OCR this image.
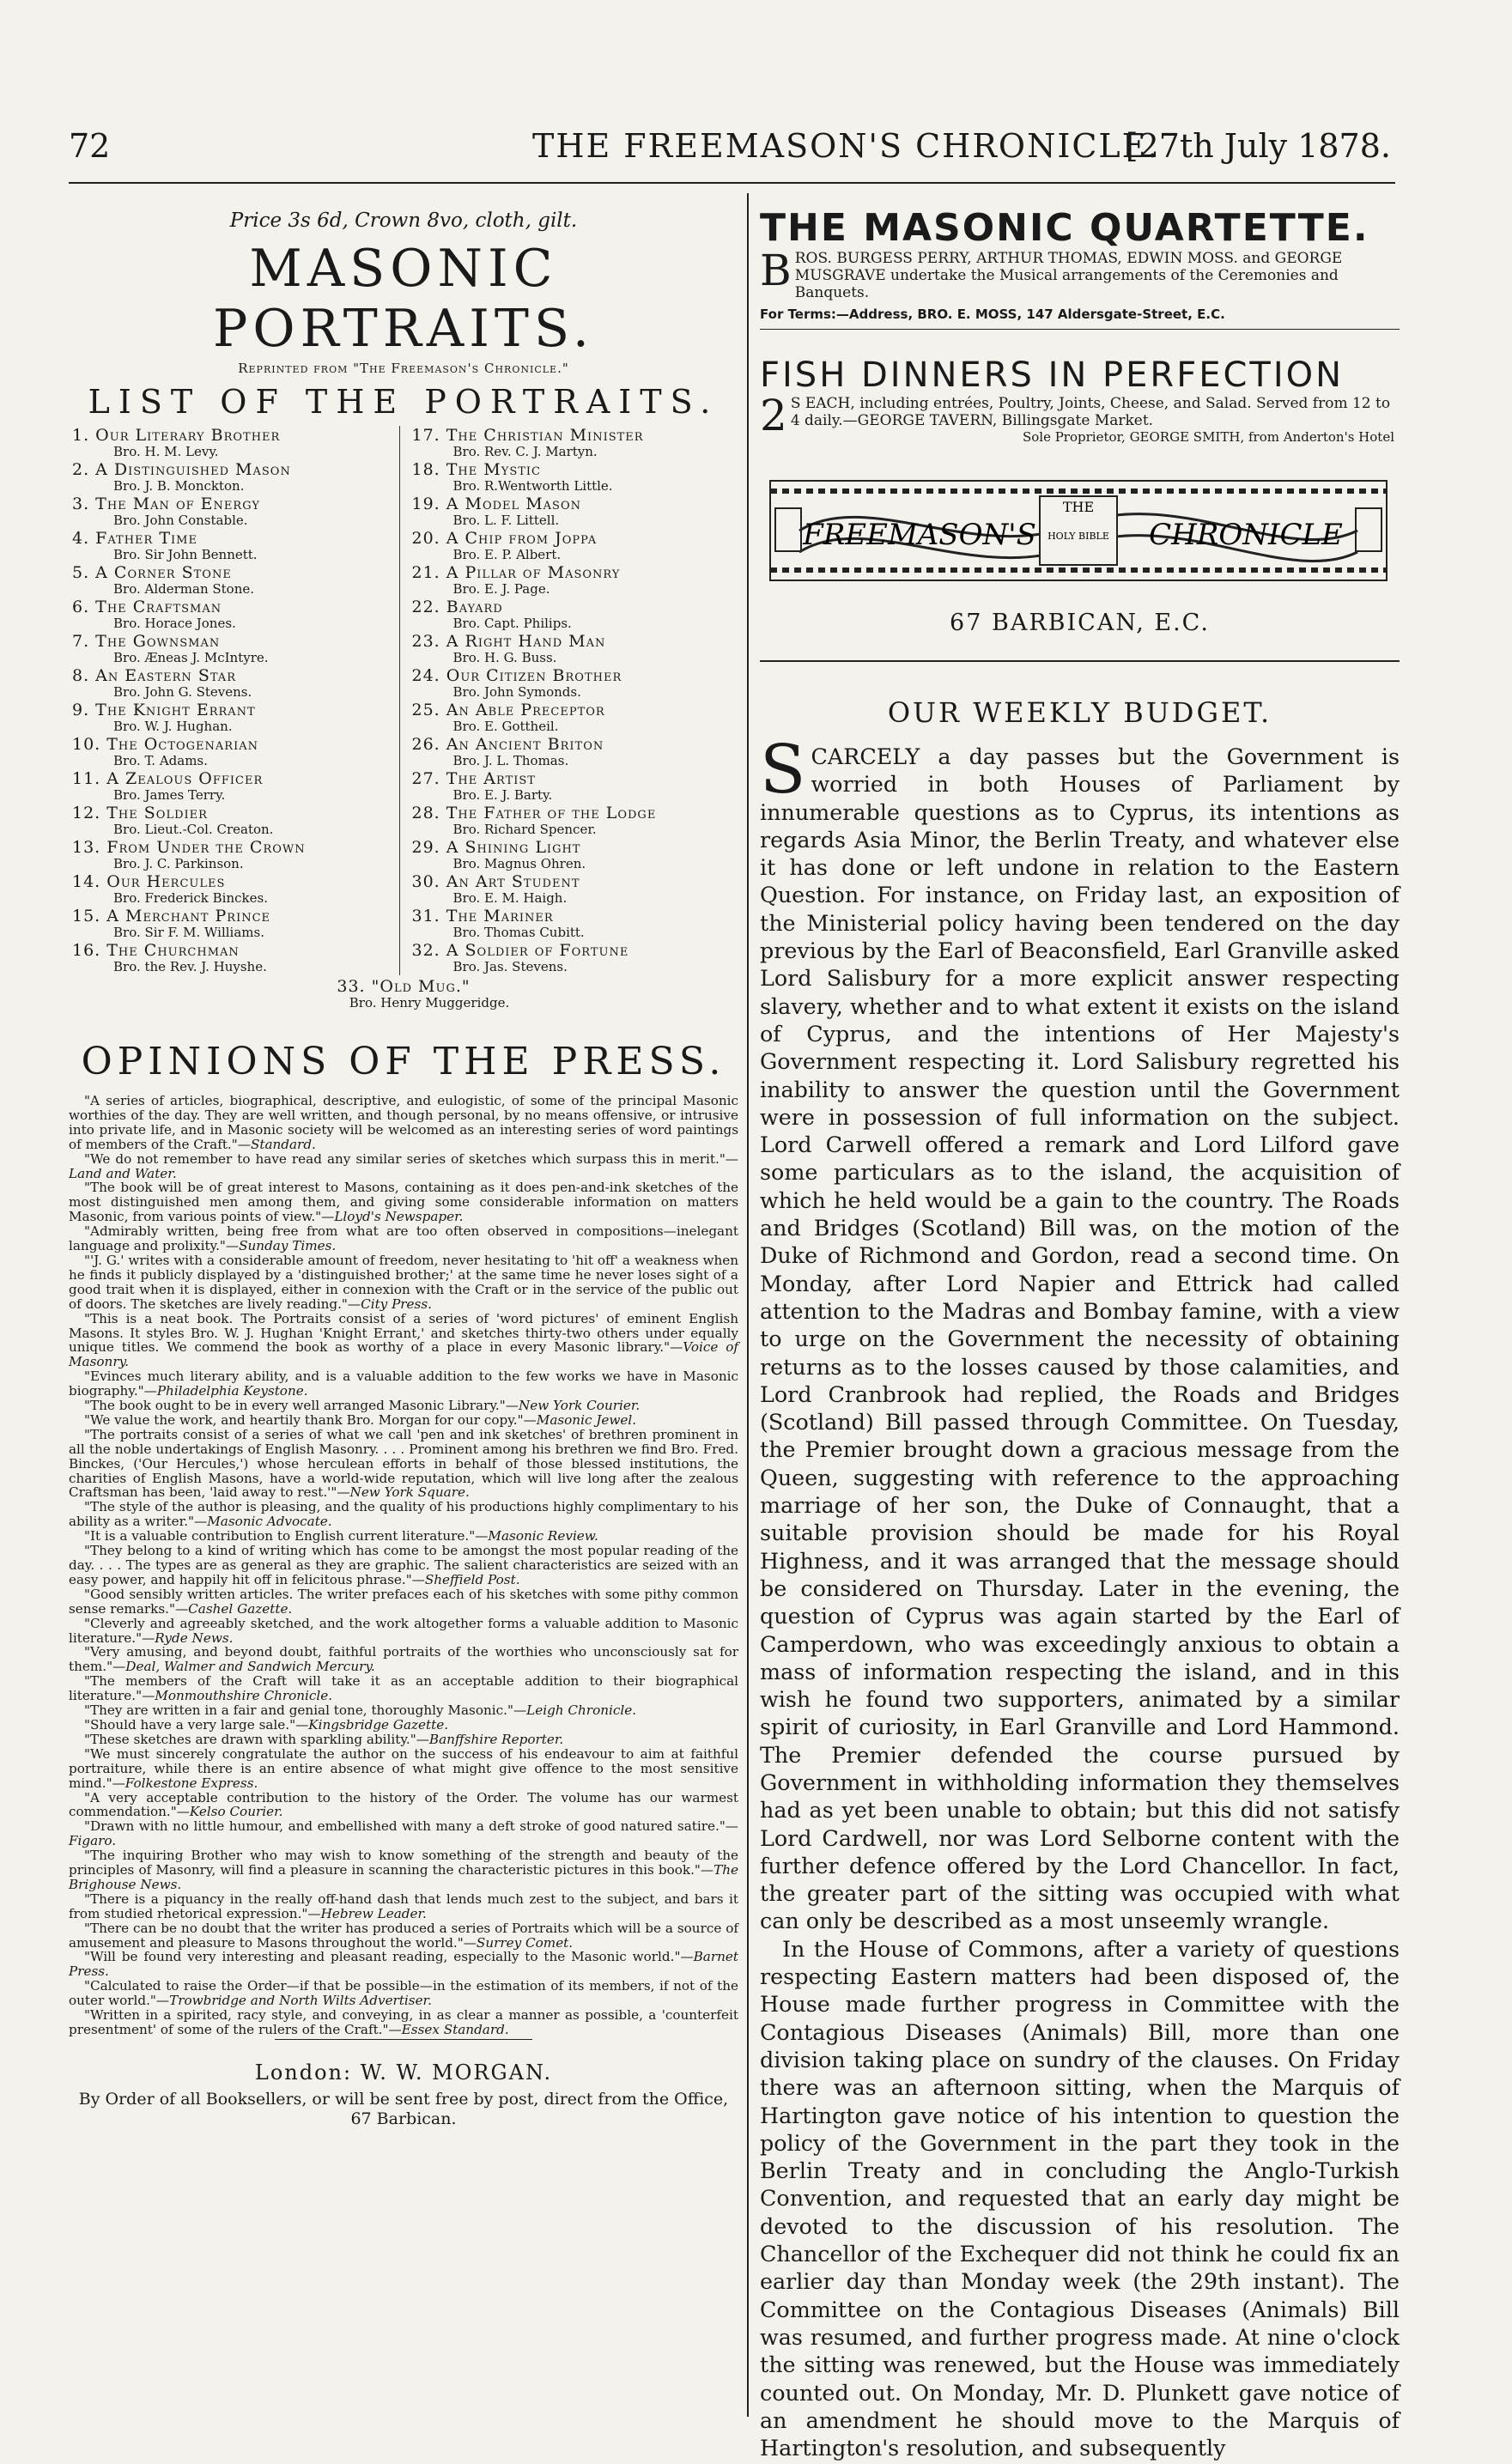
72	THE FREEMASON'S CHRONICLE.
[27th July 1878.
Price 3s 6d, Crown 8vo, cloth, gilt.
MASONIC PORTRAITS.
Reprinted from "The Freemason's Chronicle."
LIST OF THE PORTRAITS.
1. Our Literary Brother
Bro. H. M. Levy.
2. A Distinguished Mason
Bro. J. B. Monckton.
3. The Man of Energy
Bro. John Constable.
4. Father Time
Bro. Sir John Bennett.
5. A Corner Stone
Bro. Alderman Stone.
6. The Craftsman
Bro. Horace Jones.
7. The Gownsman
Bro. Æneas J. McIntyre.
8. An Eastern Star
Bro. John G. Stevens.
9. The Knight Errant
Bro. W. J. Hughan.
10. The Octogenarian
Bro. T. Adams.
11. A Zealous Officer
Bro. James Terry.
12. The Soldier
Bro. Lieut.-Col. Creaton.
13. From Under the Crown
Bro. J. C. Parkinson.
14. Our Hercules
Bro. Frederick Binckes.
15. A Merchant Prince
Bro. Sir F. M. Williams.
16. The Churchman
Bro. the Rev. J. Huyshe.
17. The Christian Minister
Bro. Rev. C. J. Martyn.
18. The Mystic
Bro. R.Wentworth Little.
19. A Model Mason
Bro. L. F. Littell.
20. A Chip from Joppa
Bro. E. P. Albert.
21. A Pillar of Masonry
Bro. E. J. Page.
22. Bayard
Bro. Capt. Philips.
23. A Right Hand Man
Bro. H. G. Buss.
24. Our Citizen Brother
Bro. John Symonds.
25. An Able Preceptor
Bro. E. Gottheil.
26. An Ancient Briton
Bro. J. L. Thomas.
27. The Artist
Bro. E. J. Barty.
28. The Father of the Lodge
Bro. Richard Spencer.
29. A Shining Light
Bro. Magnus Ohren.
30. An Art Student
Bro. E. M. Haigh.
31. The Mariner
Bro. Thomas Cubitt.
32. A Soldier of Fortune
Bro. Jas. Stevens.
33. "Old Mug."
Bro. Henry Muggeridge.
OPINIONS OF THE PRESS.

"A series of articles, biographical, descriptive, and eulogistic, of some of the principal Masonic worthies of the day. They are well written, and though personal, by no means offensive, or intrusive into private life, and in Masonic society will be welcomed as an interesting series of word paintings of members of the Craft."—Standard.

"We do not remember to have read any similar series of sketches which surpass this in merit."—Land and Water.

"The book will be of great interest to Masons, containing as it does pen-and-ink sketches of the most distinguished men among them, and giving some considerable information on matters Masonic, from various points of view."—Lloyd's Newspaper.

"Admirably written, being free from what are too often observed in compositions—inelegant language and prolixity."—Sunday Times.

"'J. G.' writes with a considerable amount of freedom, never hesitating to 'hit off' a weakness when he finds it publicly displayed by a 'distinguished brother;' at the same time he never loses sight of a good trait when it is displayed, either in connexion with the Craft or in the service of the public out of doors. The sketches are lively reading."—City Press.

"This is a neat book. The Portraits consist of a series of 'word pictures' of eminent English Masons. It styles Bro. W. J. Hughan 'Knight Errant,' and sketches thirty-two others under equally unique titles. We commend the book as worthy of a place in every Masonic library."—Voice of Masonry.

"Evinces much literary ability, and is a valuable addition to the few works we have in Masonic biography."—Philadelphia Keystone.

"The book ought to be in every well arranged Masonic Library."—New York Courier.

"We value the work, and heartily thank Bro. Morgan for our copy."—Masonic Jewel.

"The portraits consist of a series of what we call 'pen and ink sketches' of brethren prominent in all the noble undertakings of English Masonry. . . . Prominent among his brethren we find Bro. Fred. Binckes, ('Our Hercules,') whose herculean efforts in behalf of those blessed institutions, the charities of English Masons, have a world-wide reputation, which will live long after the zealous Craftsman has been, 'laid away to rest.'"—New York Square.

"The style of the author is pleasing, and the quality of his productions highly complimentary to his ability as a writer."—Masonic Advocate.

"It is a valuable contribution to English current literature."—Masonic Review.

"They belong to a kind of writing which has come to be amongst the most popular reading of the day. . . . The types are as general as they are graphic. The salient characteristics are seized with an easy power, and happily hit off in felicitous phrase."—Sheffield Post.

"Good sensibly written articles. The writer prefaces each of his sketches with some pithy common sense remarks."—Cashel Gazette.

"Cleverly and agreeably sketched, and the work altogether forms a valuable addition to Masonic literature."—Ryde News.

"Very amusing, and beyond doubt, faithful portraits of the worthies who unconsciously sat for them."—Deal, Walmer and Sandwich Mercury.

"The members of the Craft will take it as an acceptable addition to their biographical literature."—Monmouthshire Chronicle.

"They are written in a fair and genial tone, thoroughly Masonic."—Leigh Chronicle.

"Should have a very large sale."—Kingsbridge Gazette.

"These sketches are drawn with sparkling ability."—Banffshire Reporter.

"We must sincerely congratulate the author on the success of his endeavour to aim at faithful portraiture, while there is an entire absence of what might give offence to the most sensitive mind."—Folkestone Express.

"A very acceptable contribution to the history of the Order. The volume has our warmest commendation."—Kelso Courier.

"Drawn with no little humour, and embellished with many a deft stroke of good natured satire."—Figaro.

"The inquiring Brother who may wish to know something of the strength and beauty of the principles of Masonry, will find a pleasure in scanning the characteristic pictures in this book."—The Brighouse News.

"There is a piquancy in the really off-hand dash that lends much zest to the subject, and bars it from studied rhetorical expression."—Hebrew Leader.

"There can be no doubt that the writer has produced a series of Portraits which will be a source of amusement and pleasure to Masons throughout the world."—Surrey Comet.

"Will be found very interesting and pleasant reading, especially to the Masonic world."—Barnet Press.

"Calculated to raise the Order—if that be possible—in the estimation of its members, if not of the outer world."—Trowbridge and North Wilts Advertiser.

"Written in a spirited, racy style, and conveying, in as clear a manner as possible, a 'counterfeit presentment' of some of the rulers of the Craft."—Essex Standard.

London: W. W. MORGAN.
By Order of all Booksellers, or will be sent free by post, direct from the Office, 67 Barbican.
THE MASONIC QUARTETTE.
B ROS. BURGESS PERRY, ARTHUR THOMAS, EDWIN MOSS. and GEORGE MUSGRAVE undertake the Musical arrangements of the Ceremonies and Banquets.
For Terms:—Address, BRO. E. MOSS, 147 Aldersgate-Street, E.C.
FISH DINNERS IN PERFECTION
2 S EACH, including entrées, Poultry, Joints, Cheese, and Salad. Served from 12 to 4 daily.—GEORGE TAVERN, Billingsgate Market.
Sole Proprietor, GEORGE SMITH, from Anderton's Hotel
THE
HOLY BIBLE
FREEMASON'S	CHRONICLE
67 BARBICAN, E.C.
OUR WEEKLY BUDGET.

SCARCELY a day passes but the Government is worried in both Houses of Parliament by innumerable questions as to Cyprus, its intentions as regards Asia Minor, the Berlin Treaty, and whatever else it has done or left undone in relation to the Eastern Question. For instance, on Friday last, an exposition of the Ministerial policy having been tendered on the day previous by the Earl of Beaconsfield, Earl Granville asked Lord Salisbury for a more explicit answer respecting slavery, whether and to what extent it exists on the island of Cyprus, and the intentions of Her Majesty's Government respecting it. Lord Salisbury regretted his inability to answer the question until the Government were in possession of full information on the subject. Lord Carwell offered a remark and Lord Lilford gave some particulars as to the island, the acquisition of which he held would be a gain to the country. The Roads and Bridges (Scotland) Bill was, on the motion of the Duke of Richmond and Gordon, read a second time. On Monday, after Lord Napier and Ettrick had called attention to the Madras and Bombay famine, with a view to urge on the Government the necessity of obtaining returns as to the losses caused by those calamities, and Lord Cranbrook had replied, the Roads and Bridges (Scotland) Bill passed through Committee. On Tuesday, the Premier brought down a gracious message from the Queen, suggesting with reference to the approaching marriage of her son, the Duke of Connaught, that a suitable provision should be made for his Royal Highness, and it was arranged that the message should be considered on Thursday. Later in the evening, the question of Cyprus was again started by the Earl of Camperdown, who was exceedingly anxious to obtain a mass of information respecting the island, and in this wish he found two supporters, animated by a similar spirit of curiosity, in Earl Granville and Lord Hammond. The Premier defended the course pursued by Government in withholding information they themselves had as yet been unable to obtain; but this did not satisfy Lord Cardwell, nor was Lord Selborne content with the further defence offered by the Lord Chancellor. In fact, the greater part of the sitting was occupied with what can only be described as a most unseemly wrangle.

In the House of Commons, after a variety of questions respecting Eastern matters had been disposed of, the House made further progress in Committee with the Contagious Diseases (Animals) Bill, more than one division taking place on sundry of the clauses. On Friday there was an afternoon sitting, when the Marquis of Hartington gave notice of his intention to question the policy of the Government in the part they took in the Berlin Treaty and in concluding the Anglo-Turkish Convention, and requested that an early day might be devoted to the discussion of his resolution. The Chancellor of the Exchequer did not think he could fix an earlier day than Monday week (the 29th instant). The Committee on the Contagious Diseases (Animals) Bill was resumed, and further progress made. At nine o'clock the sitting was renewed, but the House was immediately counted out. On Monday, Mr. D. Plunkett gave notice of an amendment he should move to the Marquis of Hartington's resolution, and subsequently
